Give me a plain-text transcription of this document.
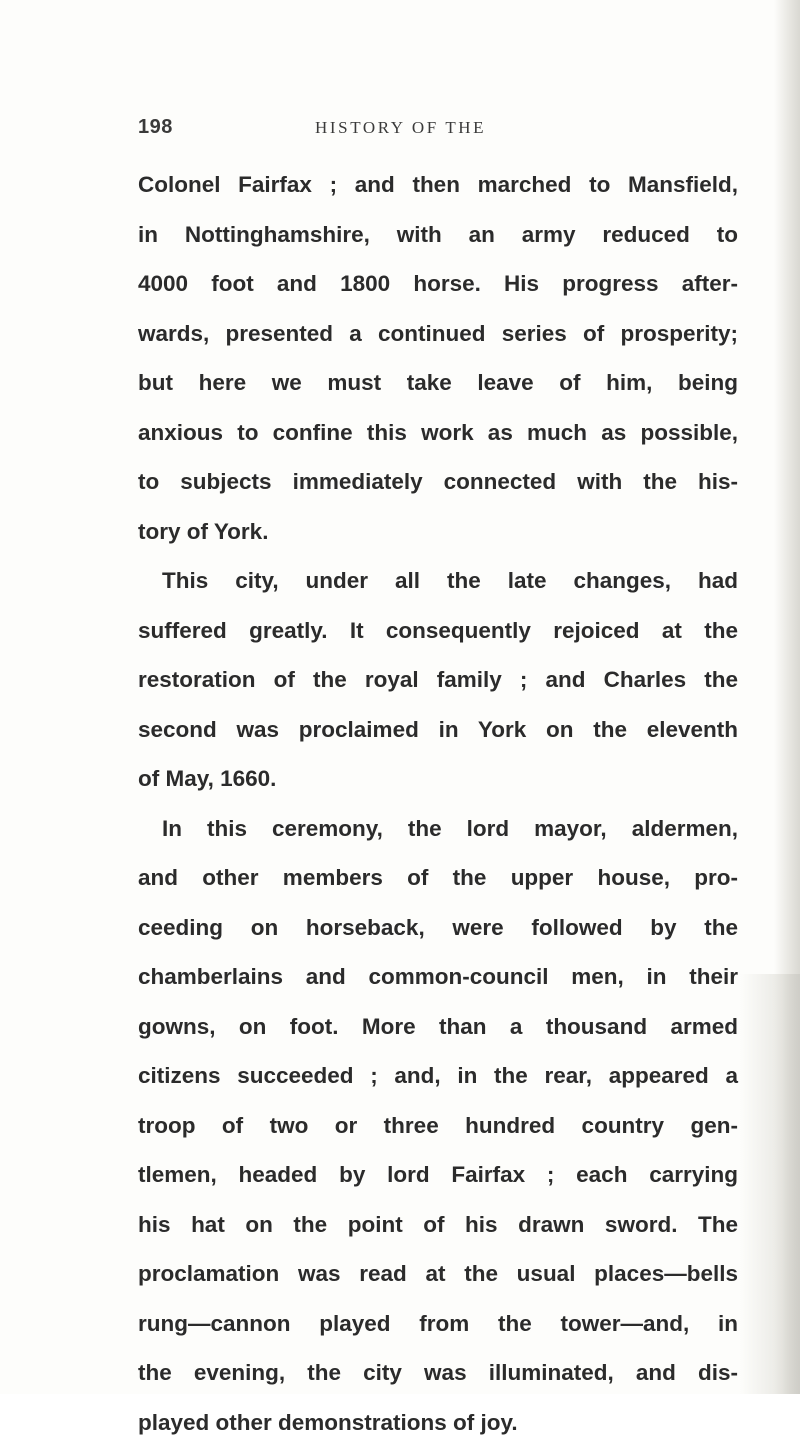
198	HISTORY OF THE
Colonel Fairfax ; and then marched to Mansfield,
in Nottinghamshire, with an army reduced to
4000 foot and 1800 horse. His progress after-
wards, presented a continued series of prosperity;
but here we must take leave of him, being
anxious to confine this work as much as possible,
to subjects immediately connected with the his-
tory of York.
This city, under all the late changes, had
suffered greatly. It consequently rejoiced at the
restoration of the royal family ; and Charles the
second was proclaimed in York on the eleventh
of May, 1660.
In this ceremony, the lord mayor, aldermen,
and other members of the upper house, pro-
ceeding on horseback, were followed by the
chamberlains and common-council men, in their
gowns, on foot. More than a thousand armed
citizens succeeded ; and, in the rear, appeared a
troop of two or three hundred country gen-
tlemen, headed by lord Fairfax ; each carrying
his hat on the point of his drawn sword. The
proclamation was read at the usual places—bells
rung—cannon played from the tower—and, in
the evening, the city was illuminated, and dis-
played other demonstrations of joy.
